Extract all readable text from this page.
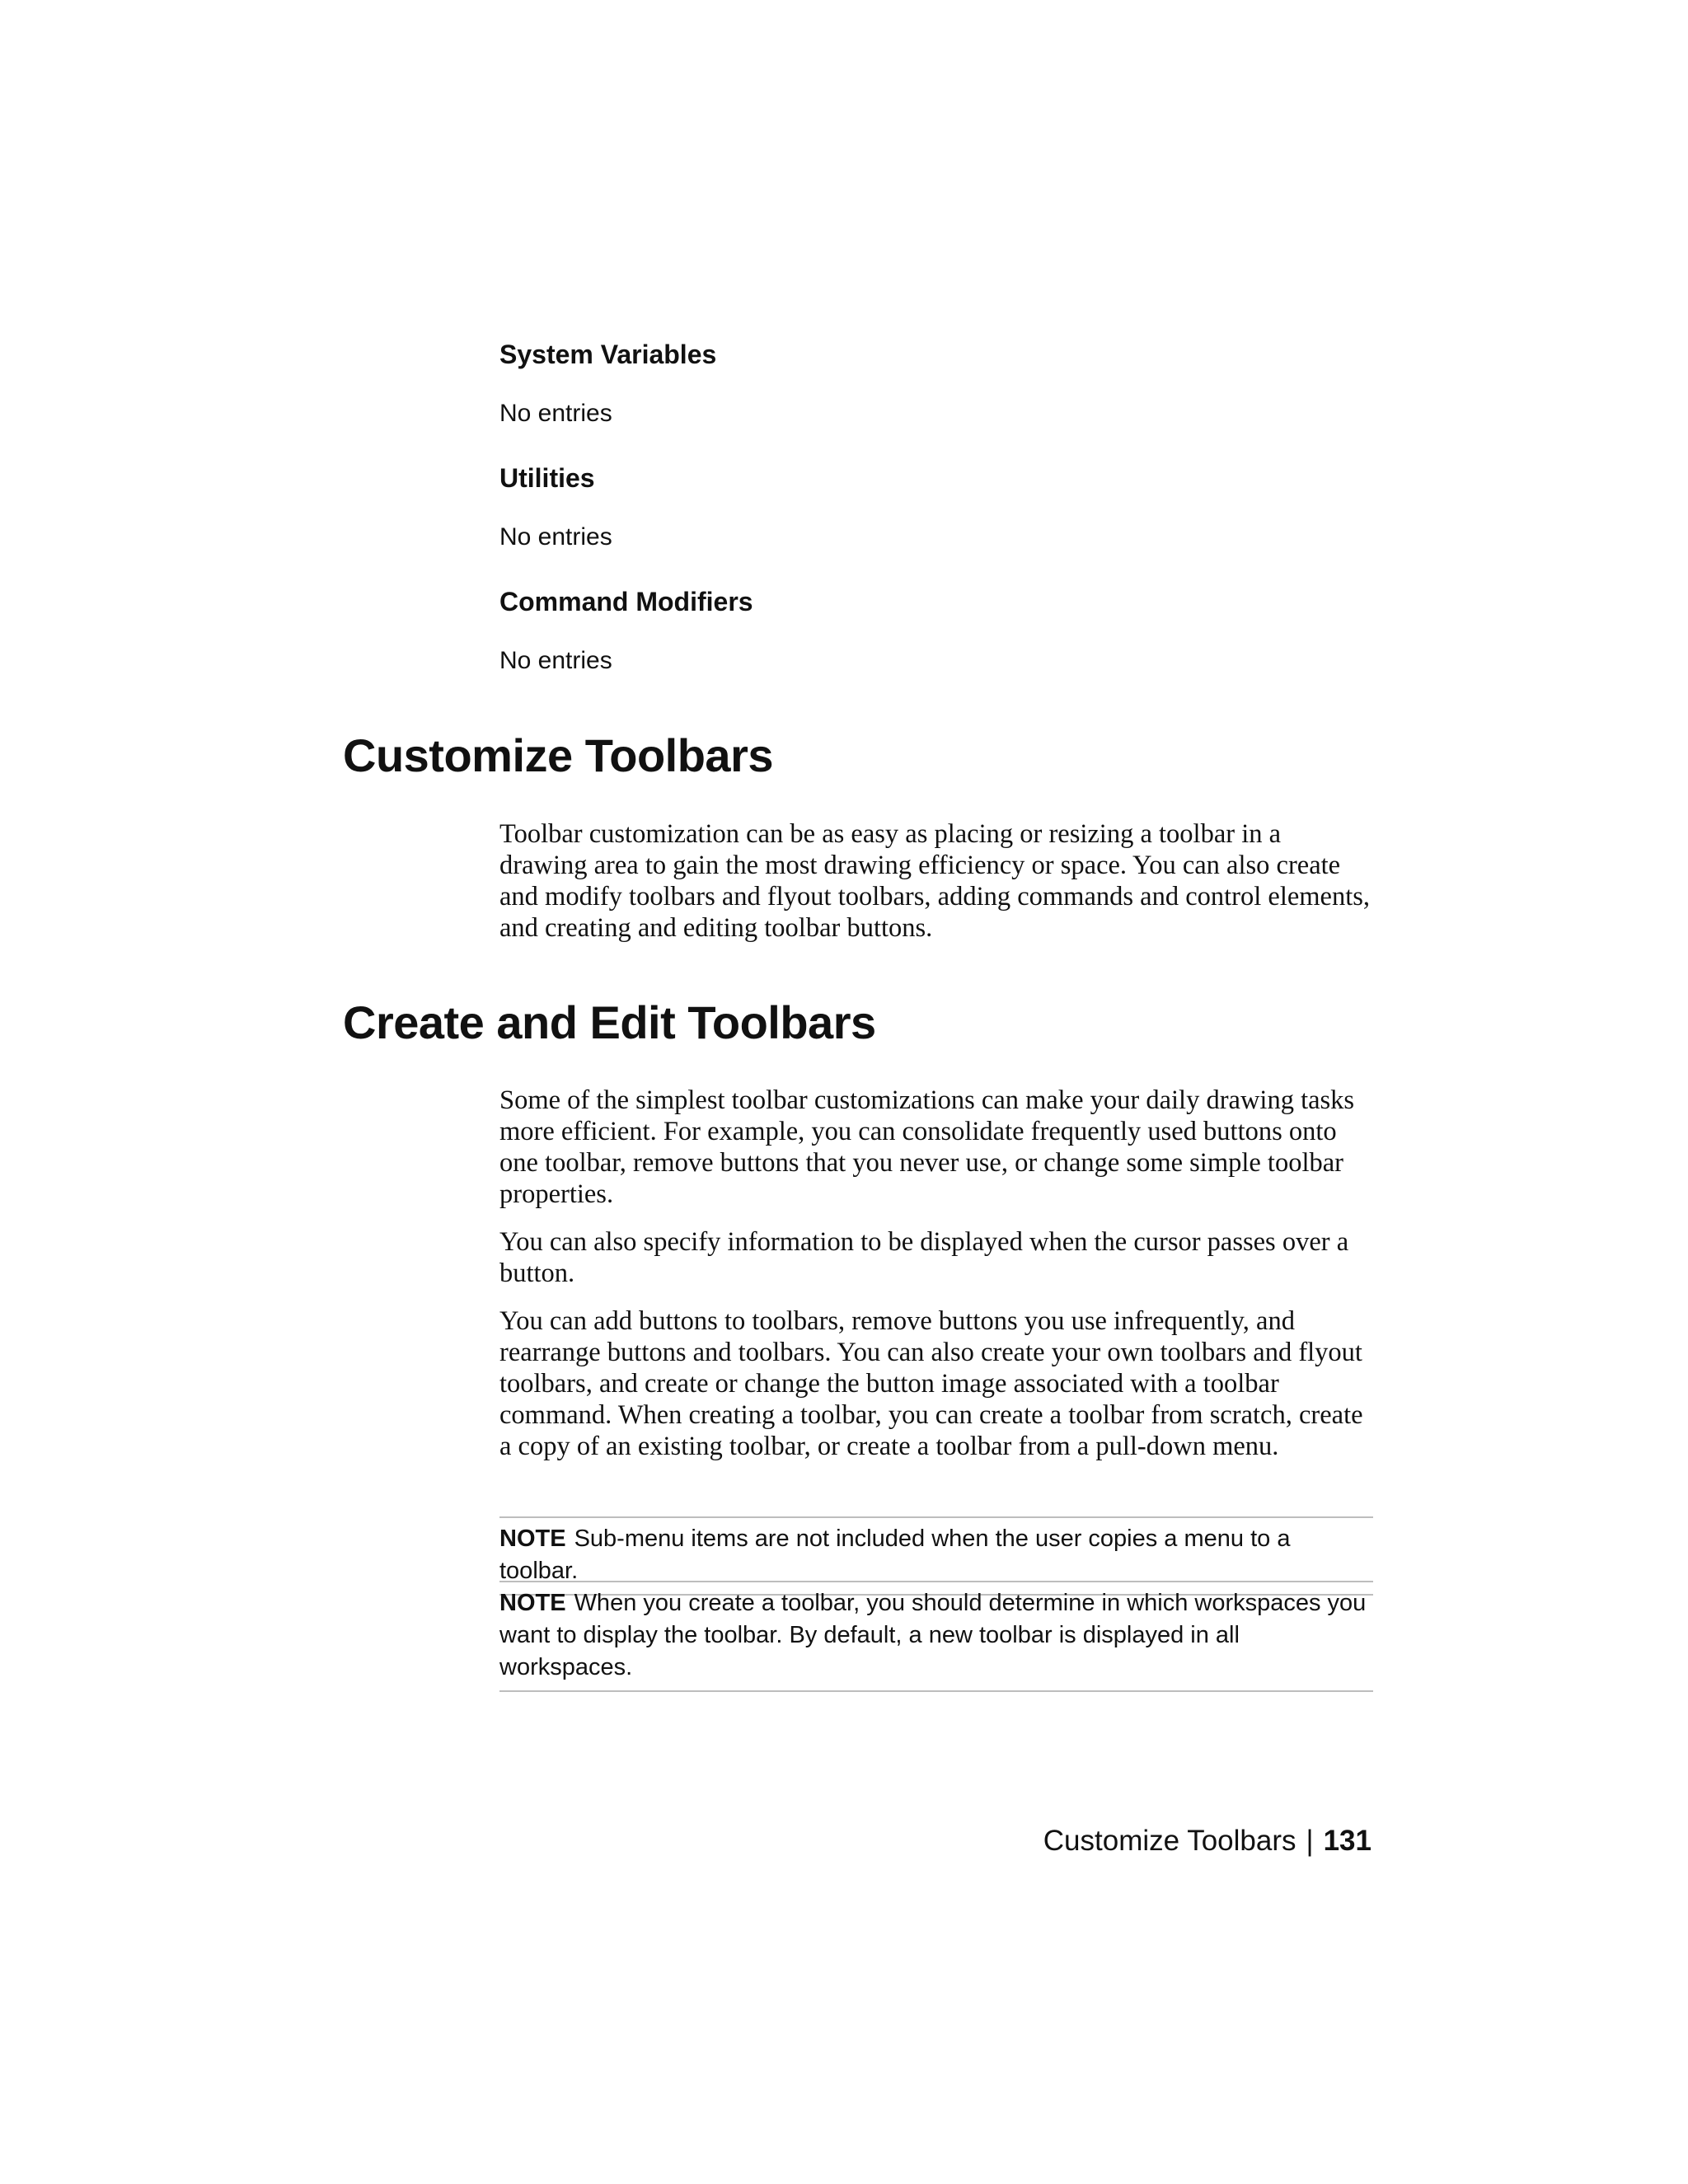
System Variables

No entries

Utilities

No entries

Command Modifiers

No entries

Customize Toolbars

Toolbar customization can be as easy as placing or resizing a toolbar in a drawing area to gain the most drawing efficiency or space. You can also create and modify toolbars and flyout toolbars, adding commands and control elements, and creating and editing toolbar buttons.

Create and Edit Toolbars

Some of the simplest toolbar customizations can make your daily drawing tasks more efficient. For example, you can consolidate frequently used buttons onto one toolbar, remove buttons that you never use, or change some simple toolbar properties.

You can also specify information to be displayed when the cursor passes over a button.

You can add buttons to toolbars, remove buttons you use infrequently, and rearrange buttons and toolbars. You can also create your own toolbars and flyout toolbars, and create or change the button image associated with a toolbar command. When creating a toolbar, you can create a toolbar from scratch, create a copy of an existing toolbar, or create a toolbar from a pull-down menu.

NOTE Sub-menu items are not included when the user copies a menu to a toolbar.
NOTE When you create a toolbar, you should determine in which workspaces you want to display the toolbar. By default, a new toolbar is displayed in all workspaces.
Customize Toolbars | 131
